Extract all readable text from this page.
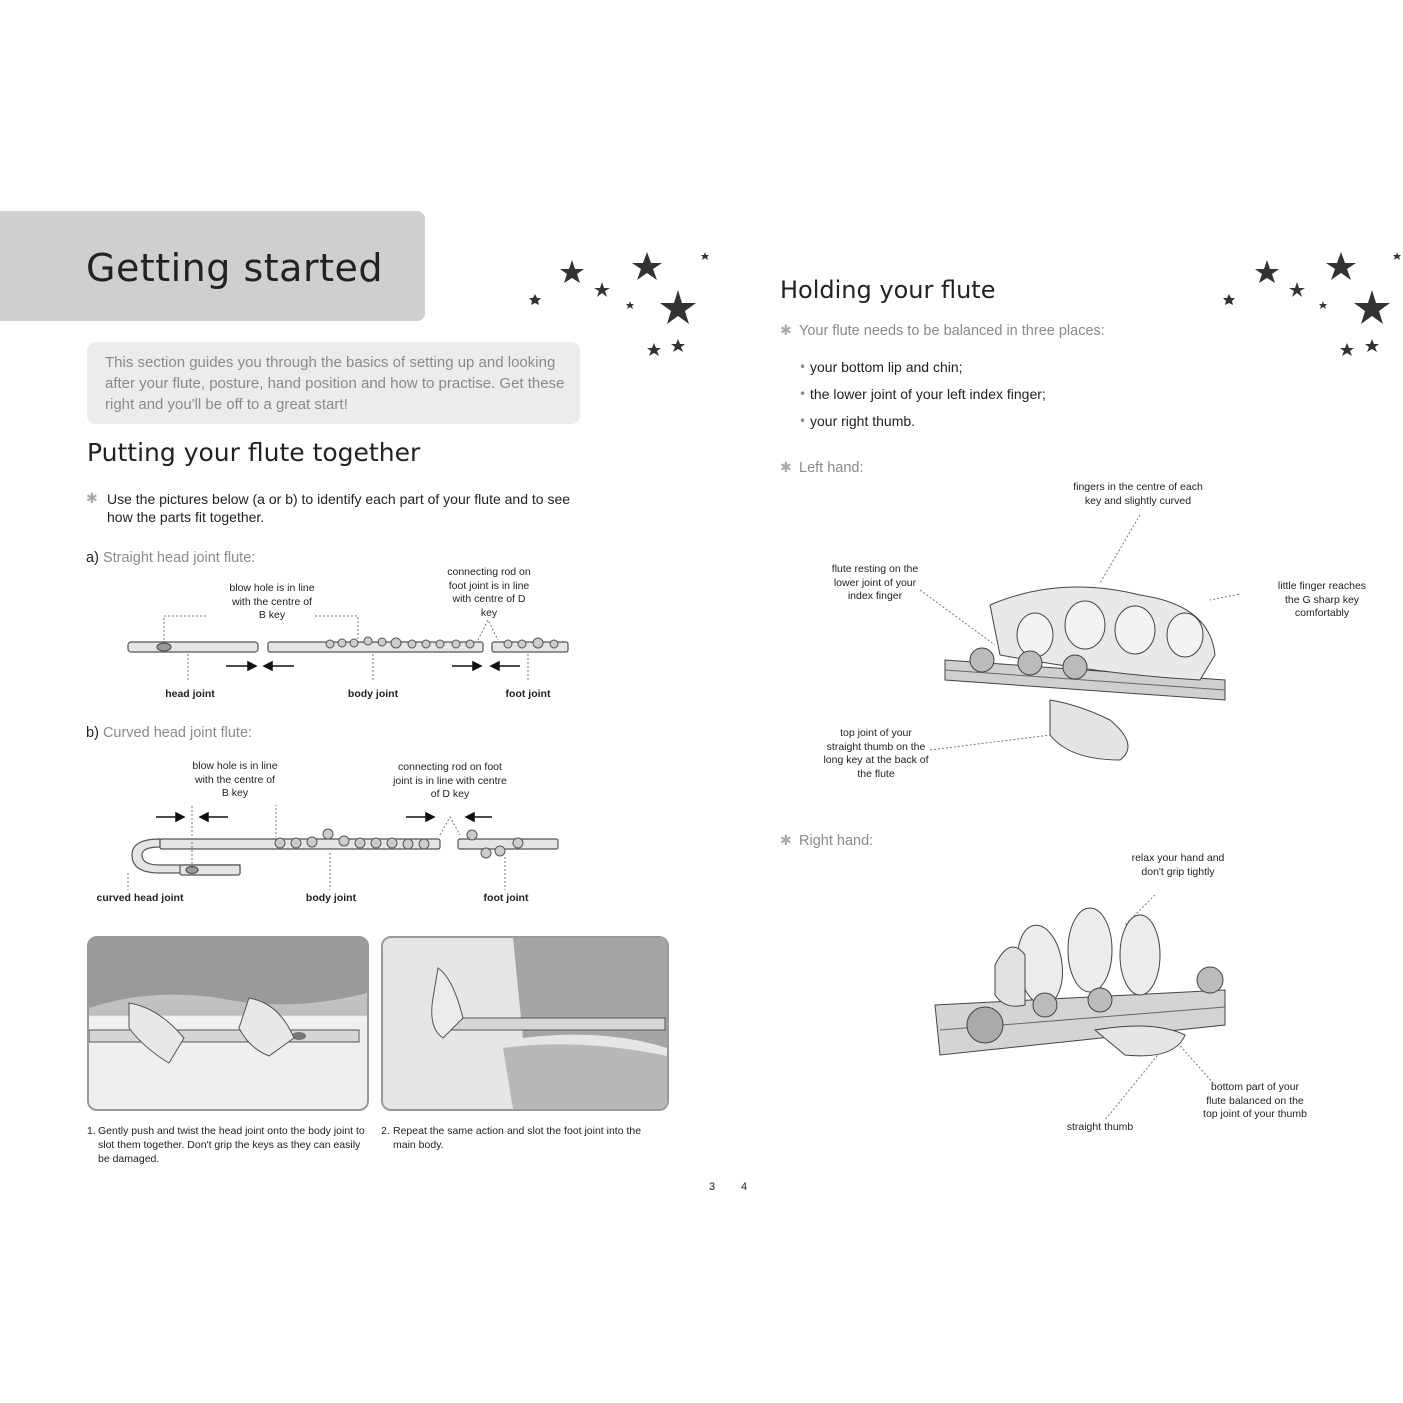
Getting started
This section guides you through the basics of setting up and looking after your flute, posture, hand position and how to practise. Get these right and you'll be off to a great start!
Putting your flute together
✱ Use the pictures below (a or b) to identify each part of your flute and to see how the parts fit together.
a) Straight head joint flute:
blow hole is in line with the centre of B key
connecting rod on foot joint is in line with centre of D key
head joint	body joint	foot joint
b) Curved head joint flute:
blow hole is in line with the centre of B key
connecting rod on foot joint is in line with centre of D key
curved head joint	body joint	foot joint
1. Gently push and twist the head joint onto the body joint to slot them together. Don't grip the keys as they can easily be damaged.
2. Repeat the same action and slot the foot joint into the main body.
3 4
Holding your flute
✱ Your flute needs to be balanced in three places:
• your bottom lip and chin;
• the lower joint of your left index finger;
• your right thumb.
✱ Left hand:
fingers in the centre of each key and slightly curved
flute resting on the lower joint of your index finger
little finger reaches the G sharp key comfortably
top joint of your straight thumb on the long key at the back of the flute
✱ Right hand:
relax your hand and don't grip tightly
straight thumb
bottom part of your flute balanced on the top joint of your thumb
